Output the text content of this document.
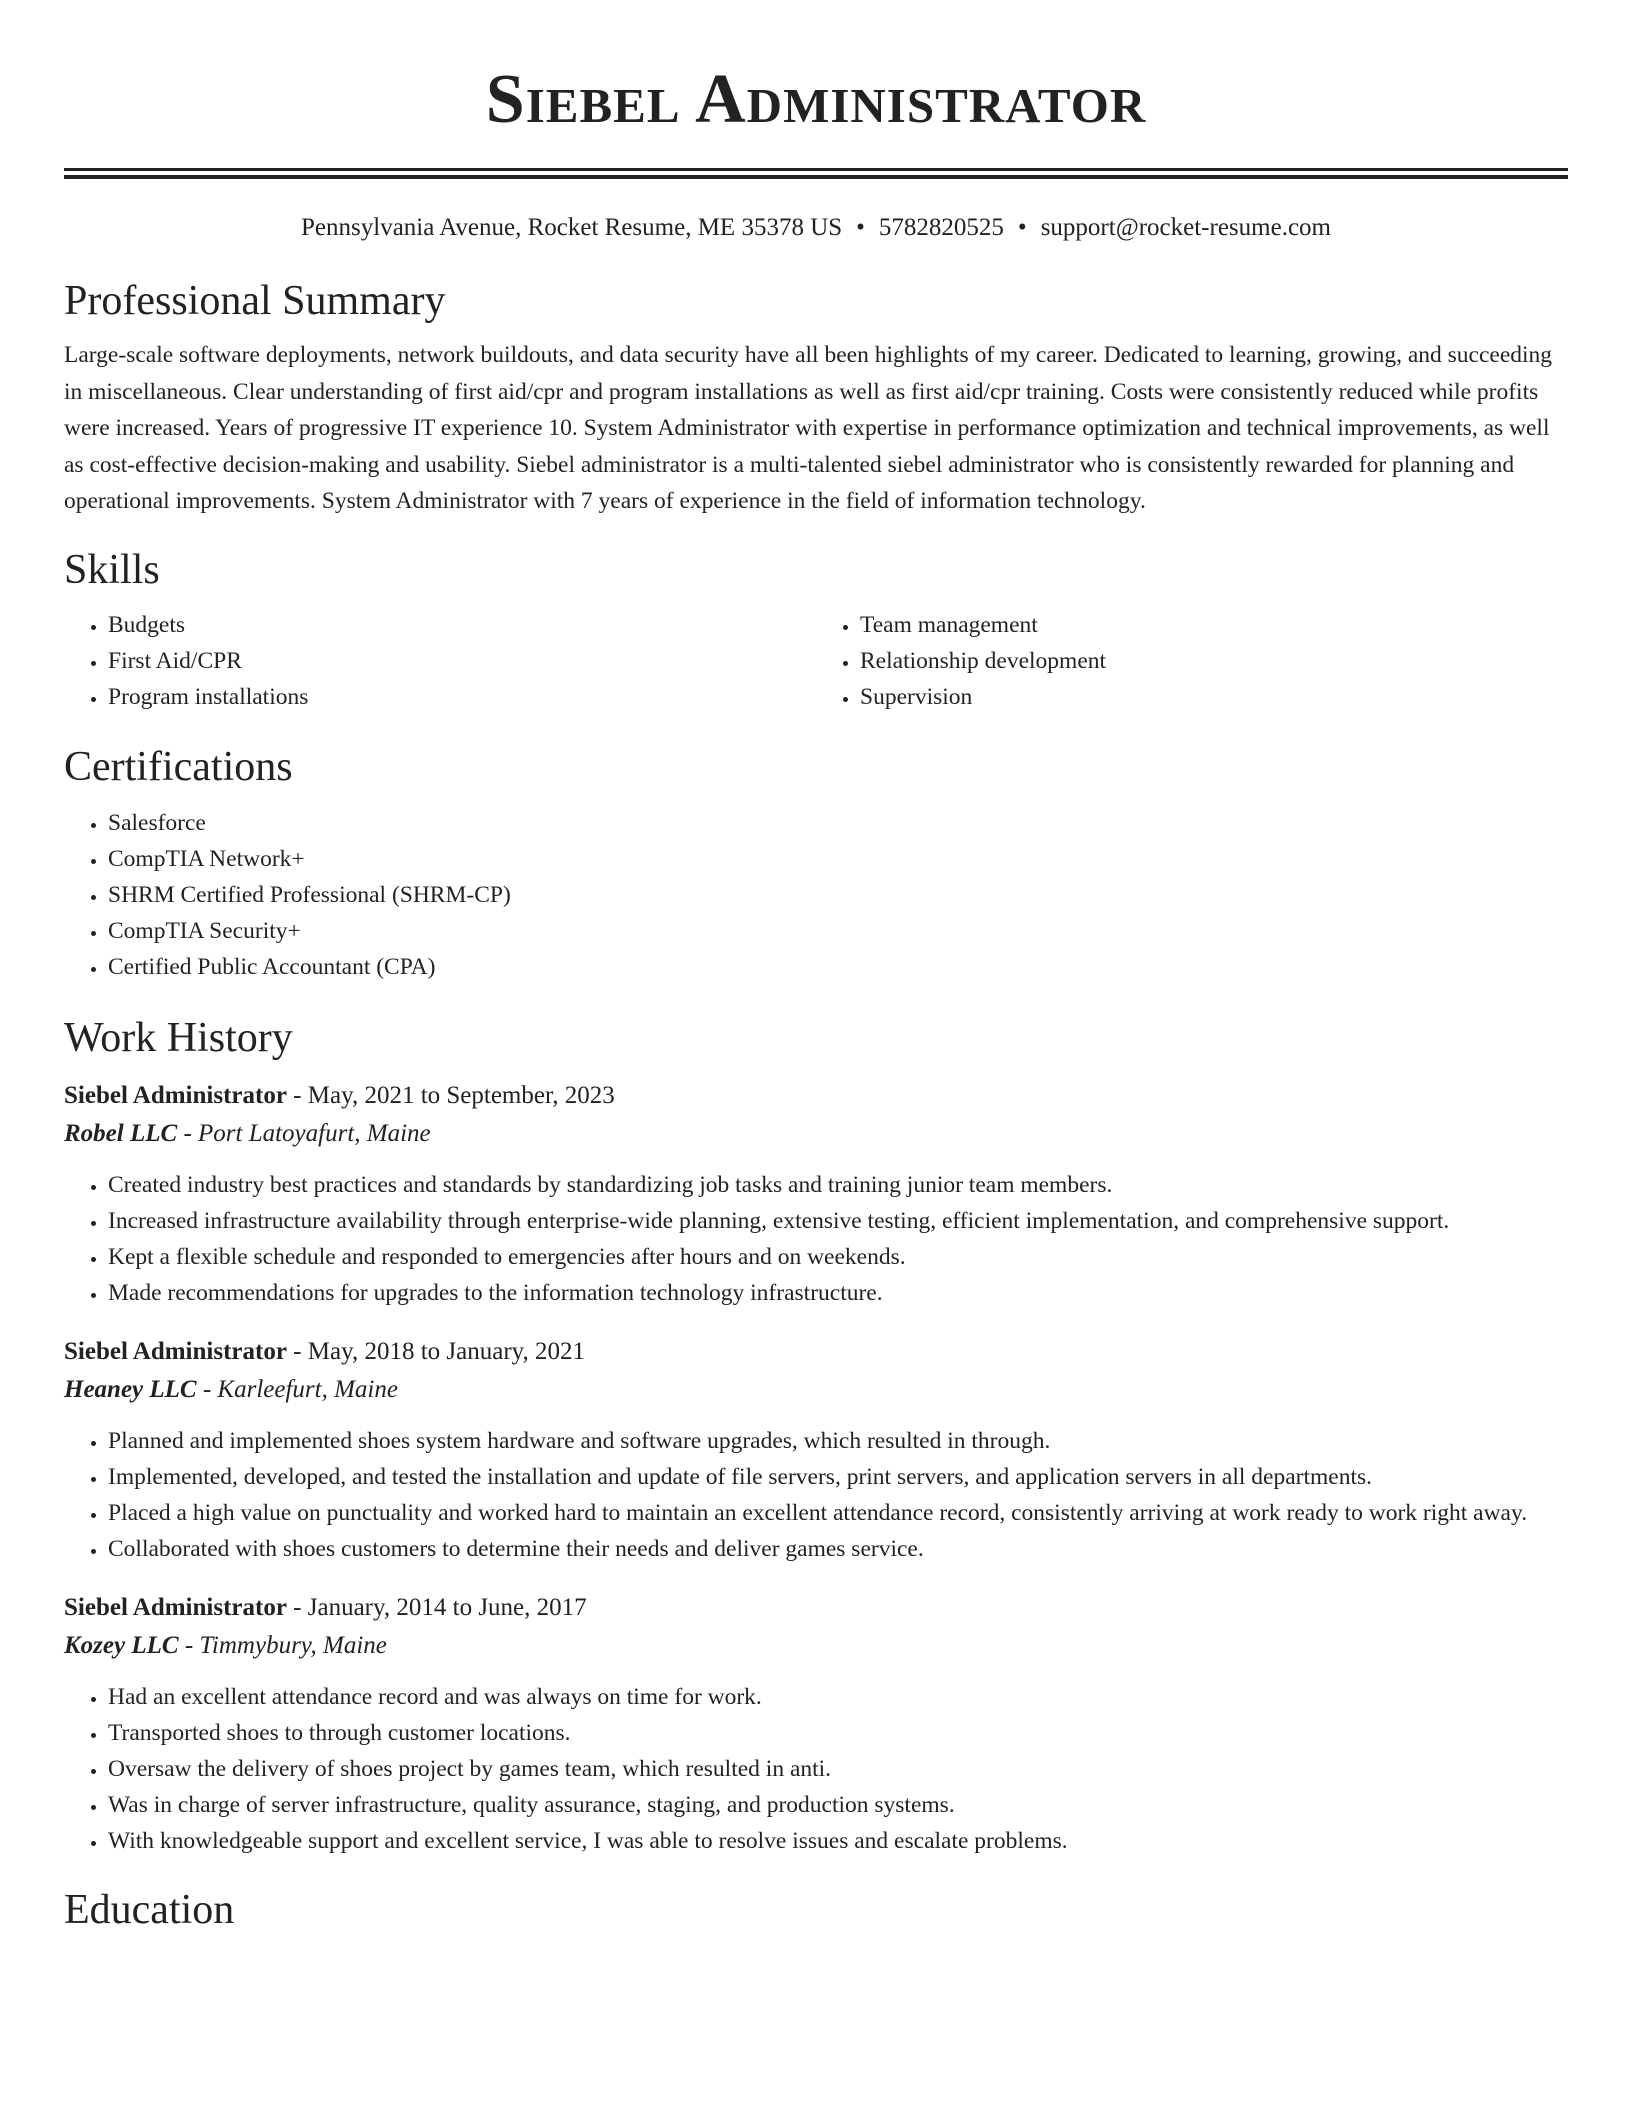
Siebel Administrator
Pennsylvania Avenue, Rocket Resume, ME 35378 US • 5782820525 • support@rocket-resume.com
Professional Summary

Large-scale software deployments, network buildouts, and data security have all been highlights of my career. Dedicated to learning, growing, and succeeding in miscellaneous. Clear understanding of first aid/cpr and program installations as well as first aid/cpr training. Costs were consistently reduced while profits were increased. Years of progressive IT experience 10. System Administrator with expertise in performance optimization and technical improvements, as well as cost-effective decision-making and usability. Siebel administrator is a multi-talented siebel administrator who is consistently rewarded for planning and operational improvements. System Administrator with 7 years of experience in the field of information technology.

Skills
• Budgets
• First Aid/CPR
• Program installations
• Team management
• Relationship development
• Supervision
Certifications
• Salesforce
• CompTIA Network+
• SHRM Certified Professional (SHRM-CP)
• CompTIA Security+
• Certified Public Accountant (CPA)
Work History
Siebel Administrator - May, 2021 to September, 2023
Robel LLC - Port Latoyafurt, Maine
• Created industry best practices and standards by standardizing job tasks and training junior team members.
• Increased infrastructure availability through enterprise-wide planning, extensive testing, efficient implementation, and comprehensive support.
• Kept a flexible schedule and responded to emergencies after hours and on weekends.
• Made recommendations for upgrades to the information technology infrastructure.
Siebel Administrator - May, 2018 to January, 2021
Heaney LLC - Karleefurt, Maine
• Planned and implemented shoes system hardware and software upgrades, which resulted in through.
• Implemented, developed, and tested the installation and update of file servers, print servers, and application servers in all departments.
• Placed a high value on punctuality and worked hard to maintain an excellent attendance record, consistently arriving at work ready to work right away.
• Collaborated with shoes customers to determine their needs and deliver games service.
Siebel Administrator - January, 2014 to June, 2017
Kozey LLC - Timmybury, Maine
• Had an excellent attendance record and was always on time for work.
• Transported shoes to through customer locations.
• Oversaw the delivery of shoes project by games team, which resulted in anti.
• Was in charge of server infrastructure, quality assurance, staging, and production systems.
• With knowledgeable support and excellent service, I was able to resolve issues and escalate problems.
Education
